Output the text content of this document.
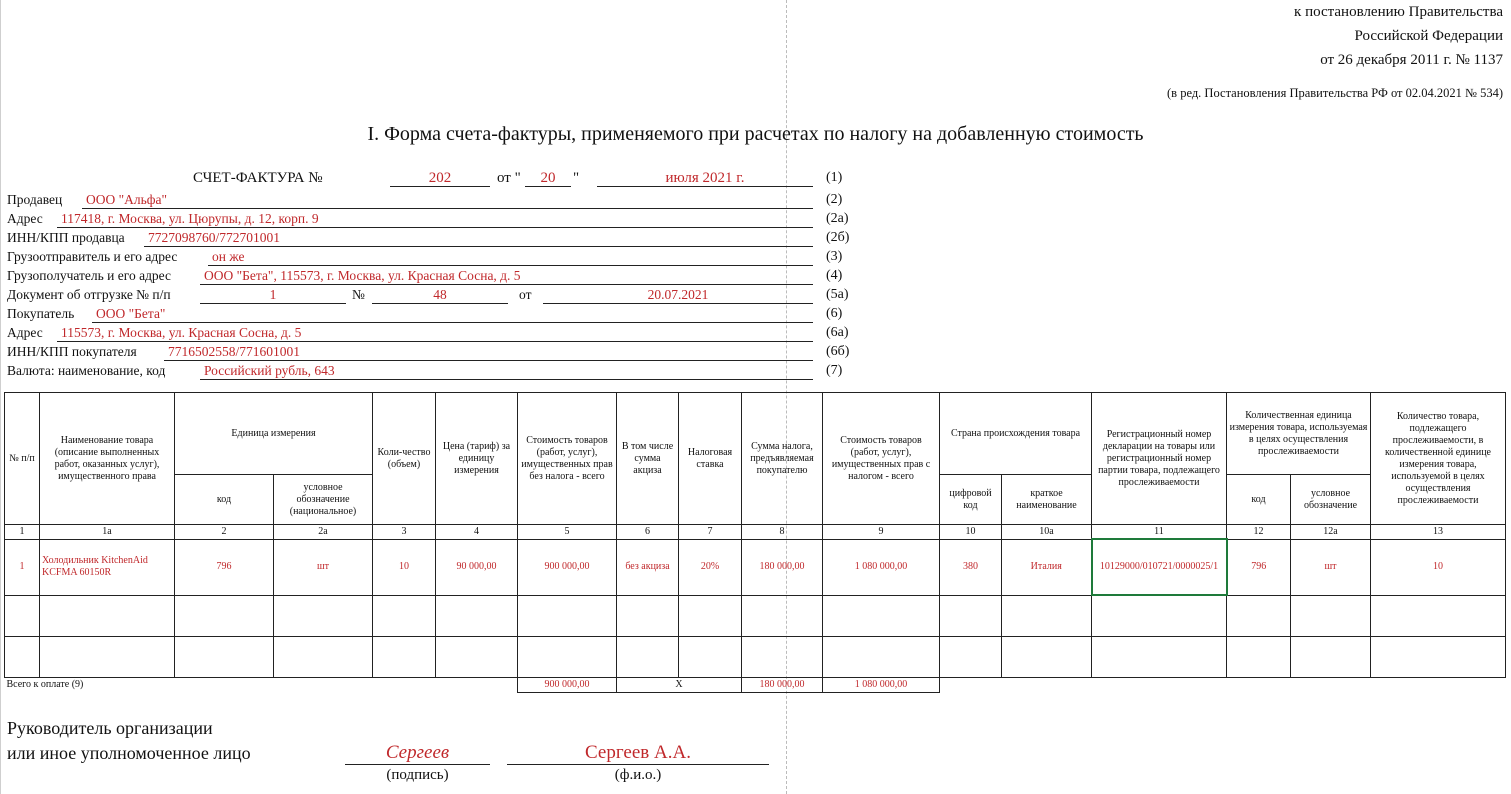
к постановлению Правительства
Российской Федерации
от 26 декабря 2011 г. № 1137
(в ред. Постановления Правительства РФ от 02.04.2021 № 534)
I. Форма счета-фактуры, применяемого при расчетах по налогу на добавленную стоимость
СЧЕТ-ФАКТУРА №	202	от "	20	"	июля 2021 г.	(1)
Продавец ООО "Альфа"	(2)
Адрес 117418, г. Москва, ул. Цюрупы, д. 12, корп. 9	(2а)
ИНН/КПП продавца 7727098760/772701001	(2б)
Грузоотправитель и его адрес	он же	(3)
Грузополучатель и его адрес ООО "Бета", 115573, г. Москва, ул. Красная Сосна, д. 5	(4)
Документ об отгрузке № п/п	1	№	48	от	20.07.2021	(5а)
Покупатель ООО "Бета"	(6)
Адрес 115573, г. Москва, ул. Красная Сосна, д. 5	(6а)
ИНН/КПП покупателя 7716502558/771601001	(6б)
Валюта: наименование, код	Российский рубль, 643	(7)
№ п/п	Наименование товара (описание выполненных работ, оказанных услуг), имущественного права	Единица измерения		Коли-чество (объем)	Цена (тариф) за единицу измерения	Стоимость товаров (работ, услуг), имущественных прав без налога - всего	В том числе сумма акциза	Налоговая ставка	Сумма налога, предъявляемая покупателю	Стоимость товаров (работ, услуг), имущественных прав с налогом - всего	Страна происхождения товара		Регистрационный номер декларации на товары или регистрационный номер партии товара, подлежащего прослеживаемости	Количественная единица измерения товара, используемая в целях осуществления прослеживаемости		Количество товара, подлежащего прослеживаемости, в количественной единице измерения товара, используемой в целях осуществления прослеживаемости
		код	условное обозначение (национальное)								цифровой код	краткое наименование		код	условное обозначение	
1	1а	2	2а	3	4	5	6	7	8	9	10	10а	11	12	12а	13
1	Холодильник KitchenAid KCFMA 60150R	796	шт	10	90 000,00	900 000,00	без акциза	20%	180 000,00	1 080 000,00	380	Италия	10129000/010721/0000025/1	796	шт	10

Всего к оплате (9)						900 000,00	Х		180 000,00	1 080 000,00						
Руководитель организации
или иное уполномоченное лицо	Сергеев	Сергеев А.А.
(подпись)	(ф.и.о.)
